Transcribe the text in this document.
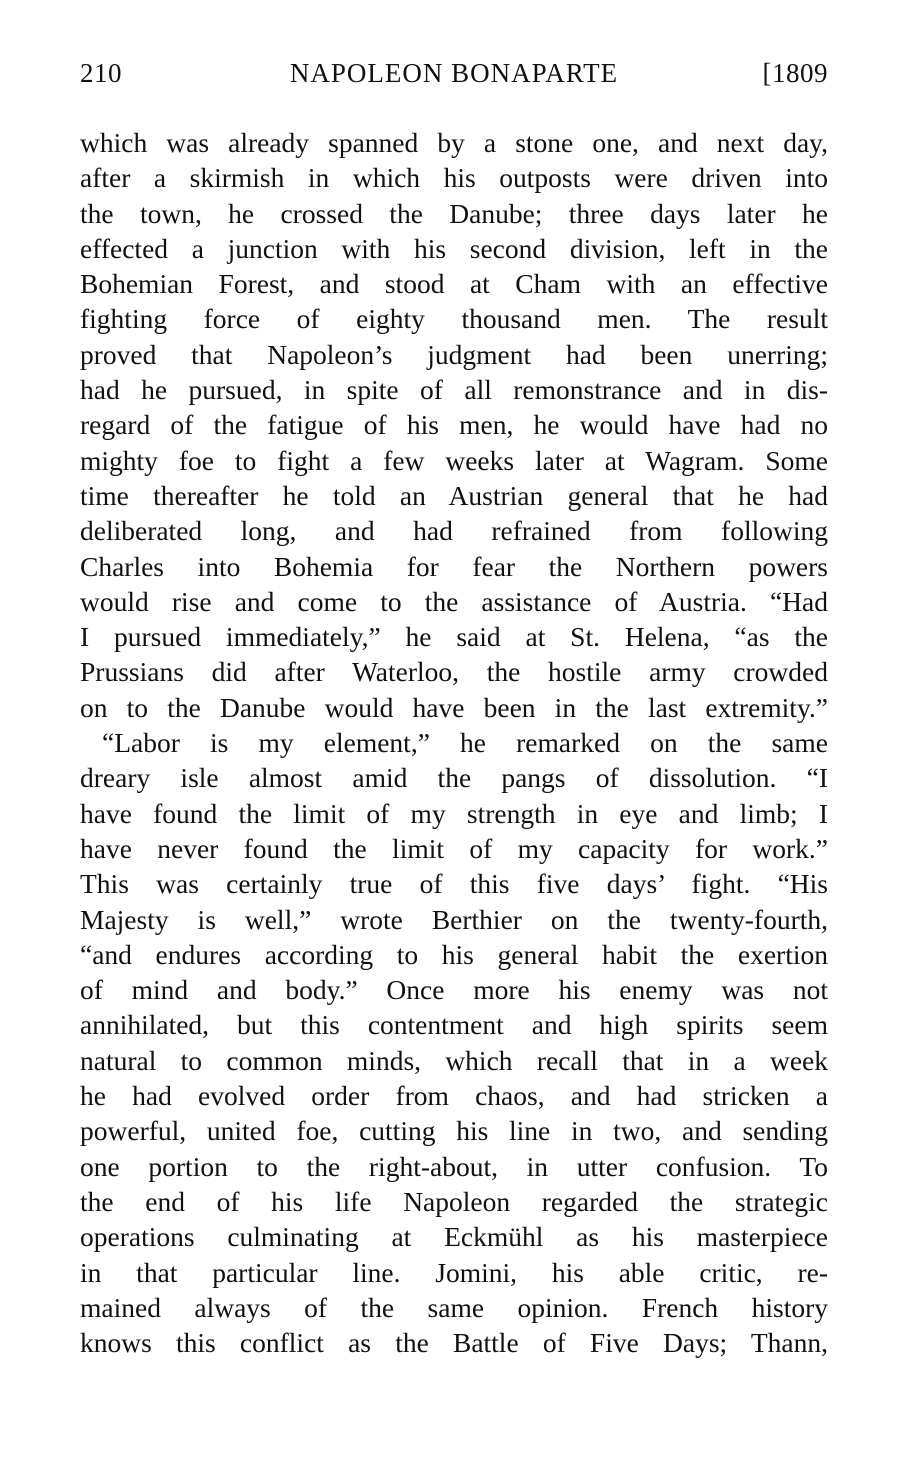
210	NAPOLEON BONAPARTE	[1809
which was already spanned by a stone one, and next day,
after a skirmish in which his outposts were driven into
the town, he crossed the Danube; three days later he
effected a junction with his second division, left in the
Bohemian Forest, and stood at Cham with an effective
fighting force of eighty thousand men. The result
proved that Napoleon’s judgment had been unerring;
had he pursued, in spite of all remonstrance and in dis-
regard of the fatigue of his men, he would have had no
mighty foe to fight a few weeks later at Wagram. Some
time thereafter he told an Austrian general that he had
deliberated long, and had refrained from following
Charles into Bohemia for fear the Northern powers
would rise and come to the assistance of Austria. “Had
I pursued immediately,” he said at St. Helena, “as the
Prussians did after Waterloo, the hostile army crowded
on to the Danube would have been in the last extremity.”
“Labor is my element,” he remarked on the same
dreary isle almost amid the pangs of dissolution. “I
have found the limit of my strength in eye and limb; I
have never found the limit of my capacity for work.”
This was certainly true of this five days’ fight. “His
Majesty is well,” wrote Berthier on the twenty-fourth,
“and endures according to his general habit the exertion
of mind and body.” Once more his enemy was not
annihilated, but this contentment and high spirits seem
natural to common minds, which recall that in a week
he had evolved order from chaos, and had stricken a
powerful, united foe, cutting his line in two, and sending
one portion to the right-about, in utter confusion. To
the end of his life Napoleon regarded the strategic
operations culminating at Eckmühl as his masterpiece
in that particular line. Jomini, his able critic, re-
mained always of the same opinion. French history
knows this conflict as the Battle of Five Days; Thann,
